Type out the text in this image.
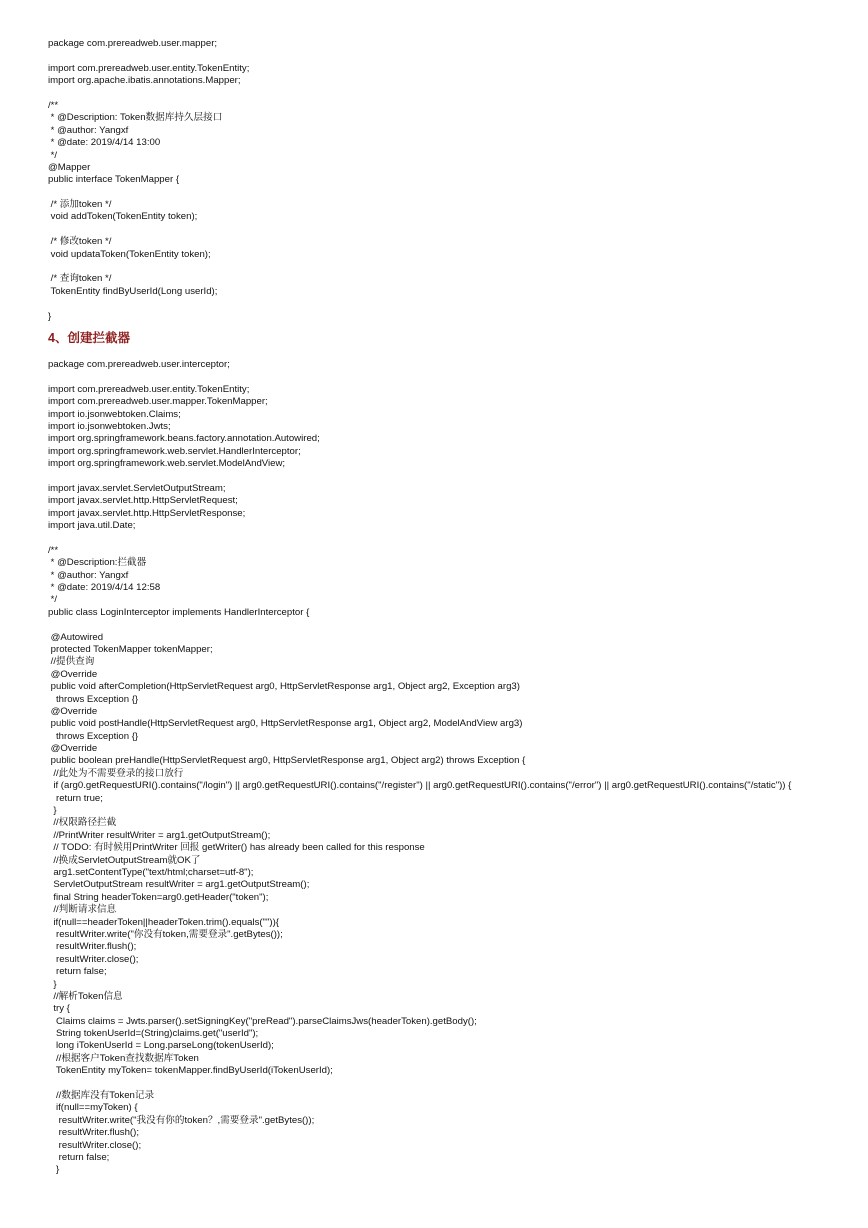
package com.prereadweb.user.mapper;
import com.prereadweb.user.entity.TokenEntity;
import org.apache.ibatis.annotations.Mapper;
/**
* @Description: Token数据库持久层接口
* @author: Yangxf
* @date: 2019/4/14 13:00
*/
@Mapper
public interface TokenMapper {
/* 添加token */
void addToken(TokenEntity token);
/* 修改token */
void updataToken(TokenEntity token);
/* 查询token */
TokenEntity findByUserId(Long userId);
}
4、创建拦截器
package com.prereadweb.user.interceptor;
import com.prereadweb.user.entity.TokenEntity;
import com.prereadweb.user.mapper.TokenMapper;
import io.jsonwebtoken.Claims;
import io.jsonwebtoken.Jwts;
import org.springframework.beans.factory.annotation.Autowired;
import org.springframework.web.servlet.HandlerInterceptor;
import org.springframework.web.servlet.ModelAndView;
import javax.servlet.ServletOutputStream;
import javax.servlet.http.HttpServletRequest;
import javax.servlet.http.HttpServletResponse;
import java.util.Date;
/**
* @Description:拦截器
* @author: Yangxf
* @date: 2019/4/14 12:58
*/
public class LoginInterceptor implements HandlerInterceptor {
@Autowired
protected TokenMapper tokenMapper;
//提供查询
@Override
public void afterCompletion(HttpServletRequest arg0, HttpServletResponse arg1, Object arg2, Exception arg3)
throws Exception {}
@Override
public void postHandle(HttpServletRequest arg0, HttpServletResponse arg1, Object arg2, ModelAndView arg3)
throws Exception {}
@Override
public boolean preHandle(HttpServletRequest arg0, HttpServletResponse arg1, Object arg2) throws Exception {
//此处为不需要登录的接口放行
if (arg0.getRequestURI().contains("/login") || arg0.getRequestURI().contains("/register") || arg0.getRequestURI().contains("/error") || arg0.getRequestURI().contains("/static")) {
return true;
}
//权限路径拦截
//PrintWriter resultWriter = arg1.getOutputStream();
// TODO: 有时候用PrintWriter 回报 getWriter() has already been called for this response
//换成ServletOutputStream就OK了
arg1.setContentType("text/html;charset=utf-8");
ServletOutputStream resultWriter = arg1.getOutputStream();
final String headerToken=arg0.getHeader("token");
//判断请求信息
if(null==headerToken||headerToken.trim().equals("")){
resultWriter.write("你没有token,需要登录".getBytes());
resultWriter.flush();
resultWriter.close();
return false;
}
//解析Token信息
try {
Claims claims = Jwts.parser().setSigningKey("preRead").parseClaimsJws(headerToken).getBody();
String tokenUserId=(String)claims.get("userId");
long iTokenUserId = Long.parseLong(tokenUserId);
//根据客户Token查找数据库Token
TokenEntity myToken= tokenMapper.findByUserId(iTokenUserId);
//数据库没有Token记录
if(null==myToken) {
resultWriter.write("我没有你的token？,需要登录".getBytes());
resultWriter.flush();
resultWriter.close();
return false;
}
